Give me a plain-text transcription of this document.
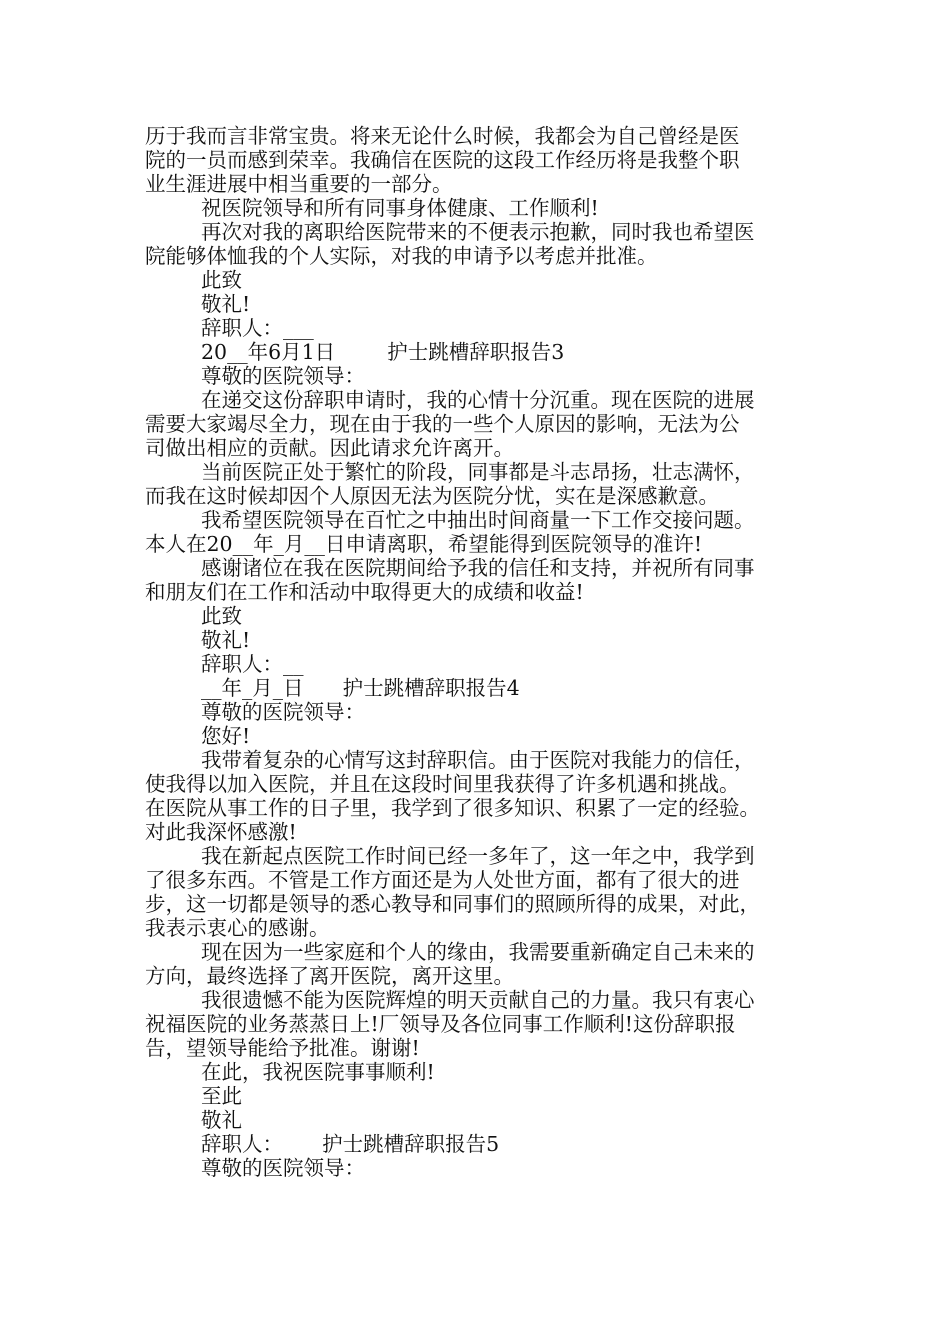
历于我而言非常宝贵。将来无论什么时候，我都会为自己曾经是医
院的一员而感到荣幸。我确信在医院的这段工作经历将是我整个职
业生涯进展中相当重要的一部分。
祝医院领导和所有同事身体健康、工作顺利!
再次对我的离职给医院带来的不便表示抱歉，同时我也希望医
院能够体恤我的个人实际，对我的申请予以考虑并批准。
此致
敬礼!
辞职人：___
20__年6月1日        护士跳槽辞职报告3
尊敬的医院领导：
在递交这份辞职申请时，我的心情十分沉重。现在医院的进展
需要大家竭尽全力，现在由于我的一些个人原因的影响，无法为公
司做出相应的贡献。因此请求允许离开。
当前医院正处于繁忙的阶段，同事都是斗志昂扬，壮志满怀，
而我在这时候却因个人原因无法为医院分忧，实在是深感歉意。
我希望医院领导在百忙之中抽出时间商量一下工作交接问题。
本人在20__年_月__日申请离职，希望能得到医院领导的准许!
感谢诸位在我在医院期间给予我的信任和支持，并祝所有同事
和朋友们在工作和活动中取得更大的成绩和收益!
此致
敬礼!
辞职人：__
__年_月_日      护士跳槽辞职报告4
尊敬的医院领导：
您好!
我带着复杂的心情写这封辞职信。由于医院对我能力的信任，
使我得以加入医院，并且在这段时间里我获得了许多机遇和挑战。
在医院从事工作的日子里，我学到了很多知识、积累了一定的经验。
对此我深怀感激!
我在新起点医院工作时间已经一多年了，这一年之中，我学到
了很多东西。不管是工作方面还是为人处世方面，都有了很大的进
步，这一切都是领导的悉心教导和同事们的照顾所得的成果，对此，
我表示衷心的感谢。
现在因为一些家庭和个人的缘由，我需要重新确定自己未来的
方向，最终选择了离开医院，离开这里。
我很遗憾不能为医院辉煌的明天贡献自己的力量。我只有衷心
祝福医院的业务蒸蒸日上!厂领导及各位同事工作顺利!这份辞职报
告，望领导能给予批准。谢谢!
在此，我祝医院事事顺利!
至此
敬礼
辞职人：      护士跳槽辞职报告5
尊敬的医院领导：
